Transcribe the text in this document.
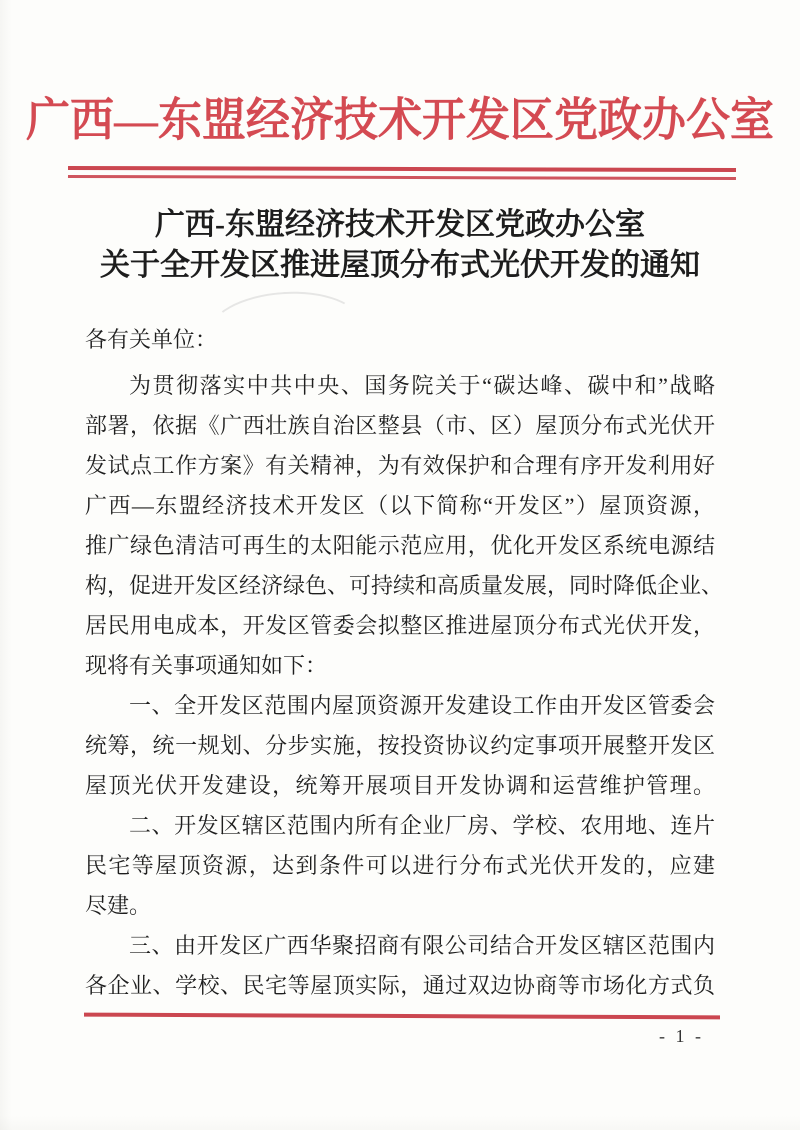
广西—东盟经济技术开发区党政办公室
广西-东盟经济技术开发区党政办公室
关于全开发区推进屋顶分布式光伏开发的通知
各有关单位：
为贯彻落实中共中央、国务院关于“碳达峰、碳中和”战略
部署，依据《广西壮族自治区整县（市、区）屋顶分布式光伏开
发试点工作方案》有关精神，为有效保护和合理有序开发利用好
广西—东盟经济技术开发区（以下简称“开发区”）屋顶资源，
推广绿色清洁可再生的太阳能示范应用，优化开发区系统电源结
构，促进开发区经济绿色、可持续和高质量发展，同时降低企业、
居民用电成本，开发区管委会拟整区推进屋顶分布式光伏开发，
现将有关事项通知如下：
一、全开发区范围内屋顶资源开发建设工作由开发区管委会
统筹，统一规划、分步实施，按投资协议约定事项开展整开发区
屋顶光伏开发建设，统筹开展项目开发协调和运营维护管理。
二、开发区辖区范围内所有企业厂房、学校、农用地、连片
民宅等屋顶资源，达到条件可以进行分布式光伏开发的，应建
尽建。
三、由开发区广西华聚招商有限公司结合开发区辖区范围内
各企业、学校、民宅等屋顶实际，通过双边协商等市场化方式负
- 1 -
